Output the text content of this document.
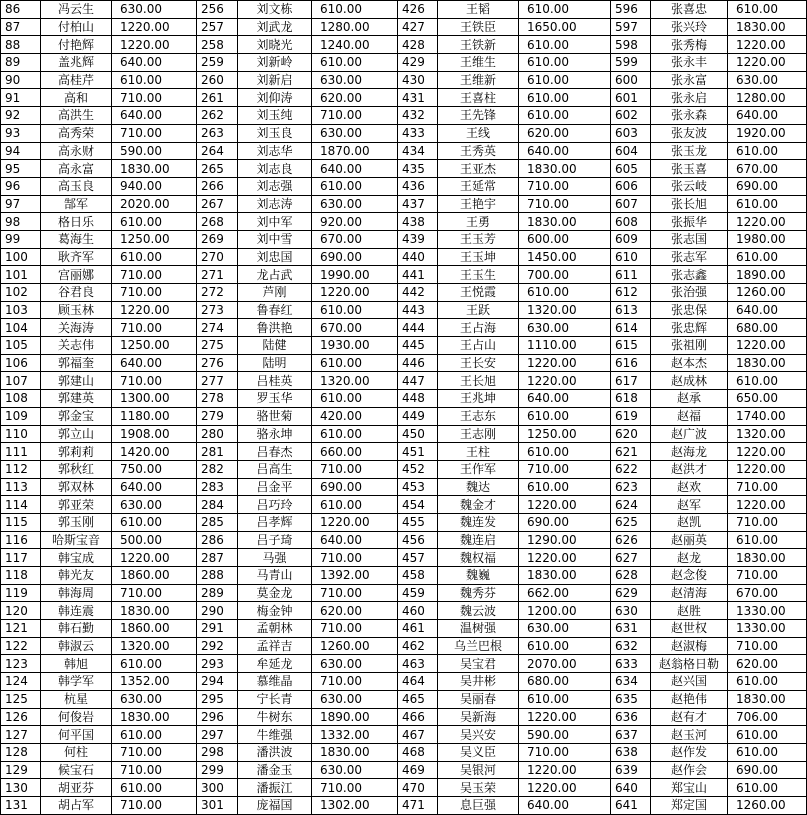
86	冯云生	630.00	256	刘文栋	610.00	426	王韬	610.00	596	张喜忠	610.00
87	付柏山	1220.00	257	刘武龙	1280.00	427	王铁臣	1650.00	597	张兴玲	1830.00
88	付艳辉	1220.00	258	刘晓光	1240.00	428	王铁新	610.00	598	张秀梅	1220.00
89	盖兆辉	640.00	259	刘新岭	610.00	429	王维生	610.00	599	张永丰	1220.00
90	高桂芹	610.00	260	刘新启	630.00	430	王维新	610.00	600	张永富	630.00
91	高和	710.00	261	刘仰涛	620.00	431	王喜柱	610.00	601	张永启	1280.00
92	高洪生	640.00	262	刘玉纯	710.00	432	王先锋	610.00	602	张永森	640.00
93	高秀荣	710.00	263	刘玉良	630.00	433	王线	620.00	603	张友波	1920.00
94	高永财	590.00	264	刘志华	1870.00	434	王秀英	640.00	604	张玉龙	610.00
95	高永富	1830.00	265	刘志良	640.00	435	王亚杰	1830.00	605	张玉喜	670.00
96	高玉良	940.00	266	刘志强	610.00	436	王延常	710.00	606	张云岐	690.00
97	郜军	2020.00	267	刘志涛	630.00	437	王艳宇	710.00	607	张长旭	610.00
98	格日乐	610.00	268	刘中军	920.00	438	王勇	1830.00	608	张振华	1220.00
99	葛海生	1250.00	269	刘中雪	670.00	439	王玉芳	600.00	609	张志国	1980.00
100	耿齐军	610.00	270	刘忠国	690.00	440	王玉坤	1450.00	610	张志军	610.00
101	宫丽娜	710.00	271	龙占武	1990.00	441	王玉生	700.00	611	张志鑫	1890.00
102	谷君良	710.00	272	芦刚	1220.00	442	王悦霞	610.00	612	张治强	1260.00
103	顾玉林	1220.00	273	鲁春红	610.00	443	王跃	1320.00	613	张忠保	640.00
104	关海涛	710.00	274	鲁洪艳	670.00	444	王占海	630.00	614	张忠辉	680.00
105	关志伟	1250.00	275	陆健	1930.00	445	王占山	1110.00	615	张祖刚	1220.00
106	郭福奎	640.00	276	陆明	610.00	446	王长安	1220.00	616	赵本杰	1830.00
107	郭建山	710.00	277	吕桂英	1320.00	447	王长旭	1220.00	617	赵成林	610.00
108	郭建英	1300.00	278	罗玉华	610.00	448	王兆坤	640.00	618	赵承	650.00
109	郭金宝	1180.00	279	骆世菊	420.00	449	王志东	610.00	619	赵福	1740.00
110	郭立山	1908.00	280	骆永坤	610.00	450	王志刚	1250.00	620	赵广波	1320.00
111	郭莉莉	1420.00	281	吕春杰	660.00	451	王柱	610.00	621	赵海龙	1220.00
112	郭秋红	750.00	282	吕高生	710.00	452	王作军	710.00	622	赵洪才	1220.00
113	郭双林	640.00	283	吕金平	690.00	453	魏达	610.00	623	赵欢	710.00
114	郭亚荣	630.00	284	吕巧玲	610.00	454	魏金才	1220.00	624	赵军	1220.00
115	郭玉刚	610.00	285	吕孝辉	1220.00	455	魏连发	690.00	625	赵凯	710.00
116	哈斯宝音	500.00	286	吕子琦	640.00	456	魏连启	1290.00	626	赵丽英	610.00
117	韩宝成	1220.00	287	马强	710.00	457	魏权福	1220.00	627	赵龙	1830.00
118	韩光友	1860.00	288	马青山	1392.00	458	魏巍	1830.00	628	赵念俊	710.00
119	韩海周	710.00	289	莫金龙	710.00	459	魏秀芬	662.00	629	赵清海	670.00
120	韩连震	1830.00	290	梅金钟	620.00	460	魏云波	1200.00	630	赵胜	1330.00
121	韩石勤	1860.00	291	孟朝林	710.00	461	温树强	630.00	631	赵世权	1330.00
122	韩淑云	1320.00	292	孟祥吉	1260.00	462	乌兰巴根	610.00	632	赵淑梅	710.00
123	韩旭	610.00	293	牟延龙	630.00	463	吴宝君	2070.00	633	赵翁格日勒	620.00
124	韩学军	1352.00	294	慕维晶	710.00	464	吴井彬	680.00	634	赵兴国	610.00
125	杭星	630.00	295	宁长青	630.00	465	吴丽春	610.00	635	赵艳伟	1830.00
126	何俊岩	1830.00	296	牛树东	1890.00	466	吴新海	1220.00	636	赵有才	706.00
127	何平国	610.00	297	牛维强	1332.00	467	吴兴安	590.00	637	赵玉河	610.00
128	何柱	710.00	298	潘洪波	1830.00	468	吴义臣	710.00	638	赵作发	610.00
129	候宝石	710.00	299	潘金玉	630.00	469	吴银河	1220.00	639	赵作会	690.00
130	胡亚芬	610.00	300	潘振江	710.00	470	吴玉荣	1220.00	640	郑宝山	610.00
131	胡占军	710.00	301	庞福国	1302.00	471	息巨强	640.00	641	郑定国	1260.00
